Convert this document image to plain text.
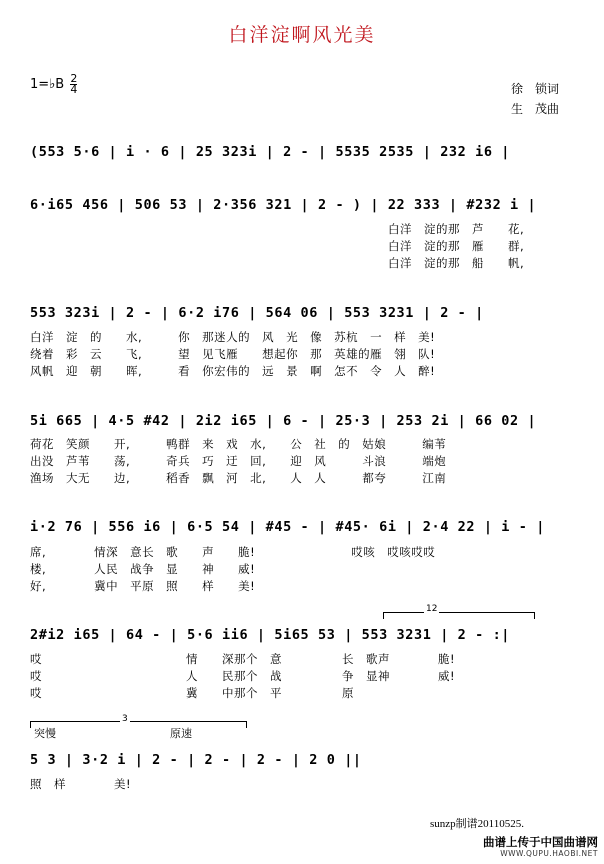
白洋淀啊风光美
1=♭B $\frac{2}{4}$	徐　锁词
生　茂曲
(553 5·6 | i · 6 | 25 323i | 2 - | 5535 2535 | 232 i6 |
6·i65 456 | 506 53 | 2·356 321 | 2 - ) | 22 333 | #232 i |
白洋　淀的那　芦　　花,
白洋　淀的那　雁　　群,
白洋　淀的那　船　　帆,
553 323i | 2 - | 6·2 i76 | 564 06 | 553 3231 | 2 - |
白洋　淀　的　　水,　　　你　那迷人的　风　光　像　苏杭　一　样　美!
绕着　彩　云　　飞,　　　望　见飞雁　　想起你　那　英雄的雁　翎　队!
风帆　迎　朝　　晖,　　　看　你宏伟的　远　景　啊　怎不　令　人　醉!
5i 665 | 4·5 #42 | 2i2 i65 | 6 - | 25·3 | 253 2i | 66 02 |
荷花　笑颜　　开,　　　鸭群　来　戏　水,　　公　社　的　姑娘　　　编苇
出没　芦苇　　荡,　　　奇兵　巧　迂　回,　　迎　风　　　斗浪　　　端炮
渔场　大无　　边,　　　稻香　飘　河　北,　　人　人　　　都夸　　　江南
i·2 76 | 556 i6 | 6·5 54 | #45 - | #45· 6i | 2·4 22 | i - |
席,　　　　情深　意长　歌　　声　　脆!　　　　　　　　哎咳　哎咳哎哎
楼,　　　　人民　战争　显　　神　　威!
好,　　　　冀中　平原　照　　样　　美!
12
2#i2 i65 | 64 - | 5·6 ii6 | 5i65 53 | 553 3231 | 2 - :|
哎　　　　　　　　　　　　情　　深那个　意　　　　　长　歌声　　　　脆!
哎　　　　　　　　　　　　人　　民那个　战　　　　　争　显神　　　　威!
哎　　　　　　　　　　　　冀　　中那个　平　　　　　原
3
突慢	原速
5 3 | 3·2 i | 2 - | 2 - | 2 - | 2 0 ||
照　样　　　　美!
sunzp制谱20110525.
曲谱上传于中国曲谱网
WWW.QUPU.HAOBI.NET
